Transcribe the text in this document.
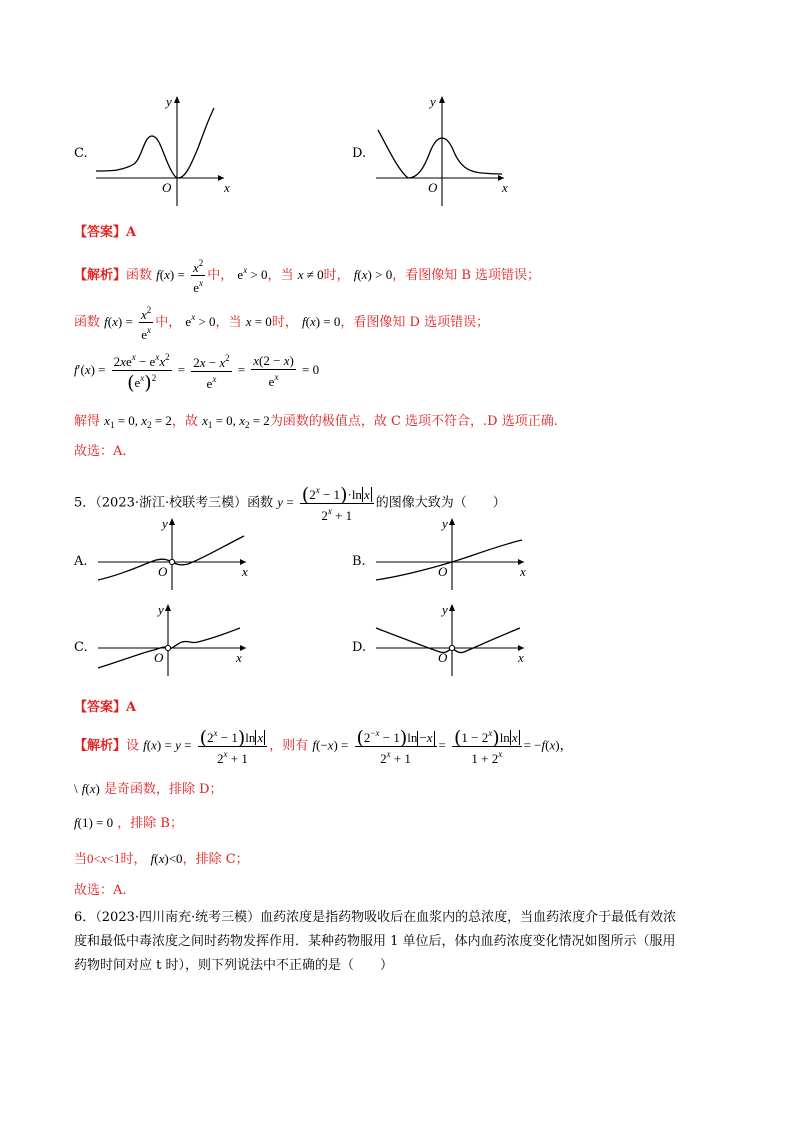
C.
x
y
O
D.
x
y
O
【答案】A
【解析】函数 $f(x) = \frac{x^2}{e^x}$ 中， $e^x > 0$，当 x ≠ 0时， f(x) > 0，看图像知 B 选项错误；
函数 $f(x) = \frac{x^2}{e^x}$ 中， $e^x > 0$，当 x = 0时， f(x) = 0，看图像知 D 选项错误；
$f'(x) = \frac{2xe^x - e^xx^2}{(e^x)^2} = \frac{2x - x^2}{e^x} = \frac{x(2 - x)}{e^x} = 0$
解得 $x_1 = 0$, $x_2 = 2$，故 $x_1 = 0$, $x_2 = 2$为函数的极值点，故 C 选项不符合，.D 选项正确.
故选：A.
5．（2023·浙江·校联考三模）函数 $y = \frac{(2^x - 1)\cdot\ln x}{2^x + 1}$ 的图像大致为（　　）
A.
x
y
O
B.
x
y
O
C.
x
y
O
D.
x
y
O
【答案】A
【解析】设 $f(x) = y = \frac{(2^x - 1)\ln x}{2^x + 1}$ ，则有 $f(-x) = \frac{(2^{-x} - 1)\ln -x}{2^x + 1} = \frac{(1 - 2^x)\ln x}{1 + 2^x} = -f(x)$，
\ f(x) 是奇函数，排除 D；
f(1) = 0 ，排除 B；
当0<x<1时， f(x)<0，排除 C；
故选：A.
6．（2023·四川南充·统考三模）血药浓度是指药物吸收后在血浆内的总浓度，当血药浓度介于最低有效浓
度和最低中毒浓度之间时药物发挥作用．某种药物服用 1 单位后，体内血药浓度变化情况如图所示（服用
药物时间对应 t 时），则下列说法中不正确的是（　　）
